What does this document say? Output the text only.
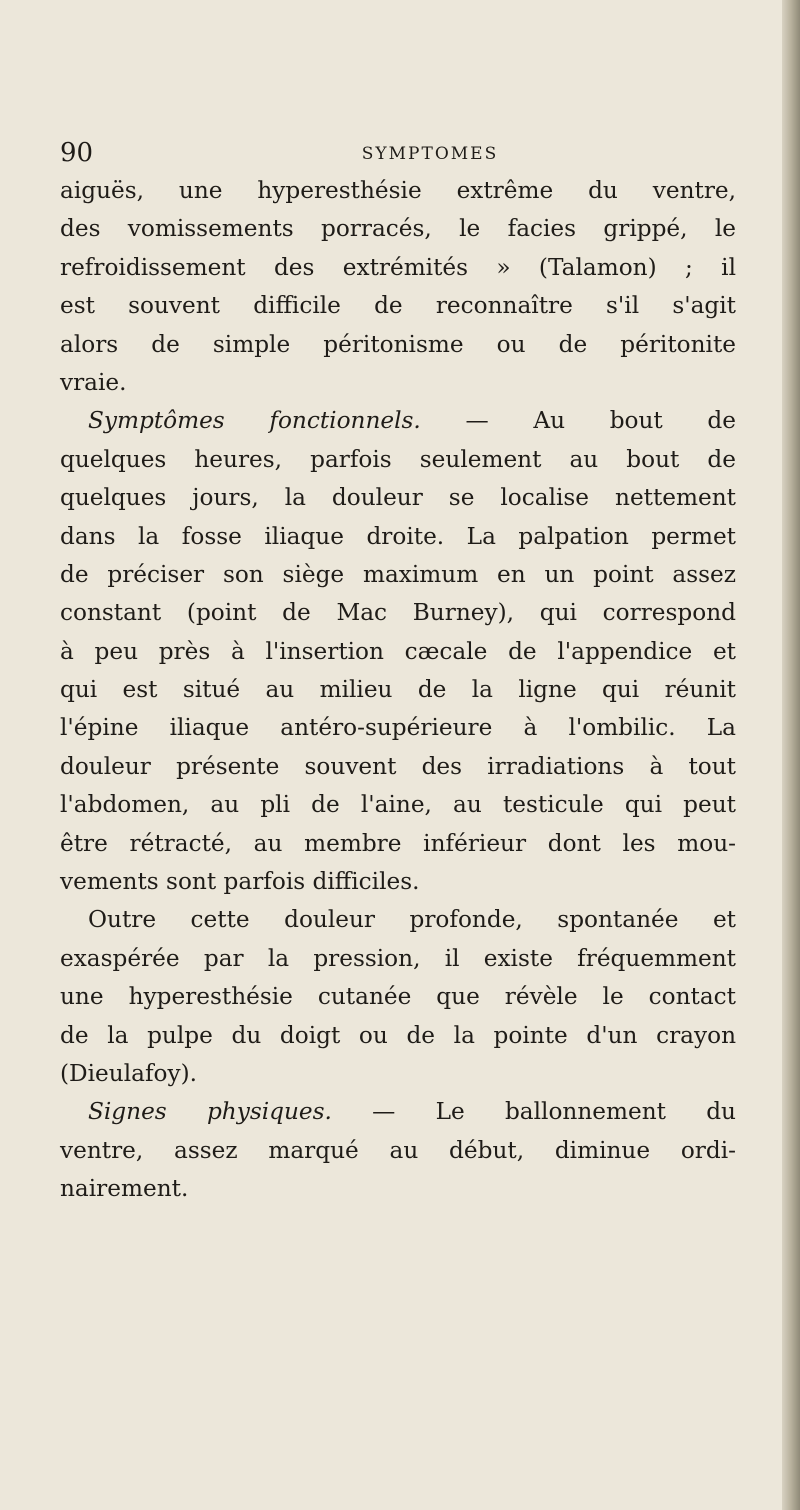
90	SYMPTOMES
aiguës, une hyperesthésie extrême du ventre,
des vomissements porracés, le facies grippé, le
refroidissement des extrémités » (Talamon) ; il
est souvent difficile de reconnaître s'il s'agit
alors de simple péritonisme ou de péritonite
vraie.
Symptômes fonctionnels. — Au bout de
quelques heures, parfois seulement au bout de
quelques jours, la douleur se localise nettement
dans la fosse iliaque droite. La palpation permet
de préciser son siège maximum en un point assez
constant (point de Mac Burney), qui correspond
à peu près à l'insertion cæcale de l'appendice et
qui est situé au milieu de la ligne qui réunit
l'épine iliaque antéro-supérieure à l'ombilic. La
douleur présente souvent des irradiations à tout
l'abdomen, au pli de l'aine, au testicule qui peut
être rétracté, au membre inférieur dont les mou-
vements sont parfois difficiles.
Outre cette douleur profonde, spontanée et
exaspérée par la pression, il existe fréquemment
une hyperesthésie cutanée que révèle le contact
de la pulpe du doigt ou de la pointe d'un crayon
(Dieulafoy).
Signes physiques. — Le ballonnement du
ventre, assez marqué au début, diminue ordi-
nairement.
